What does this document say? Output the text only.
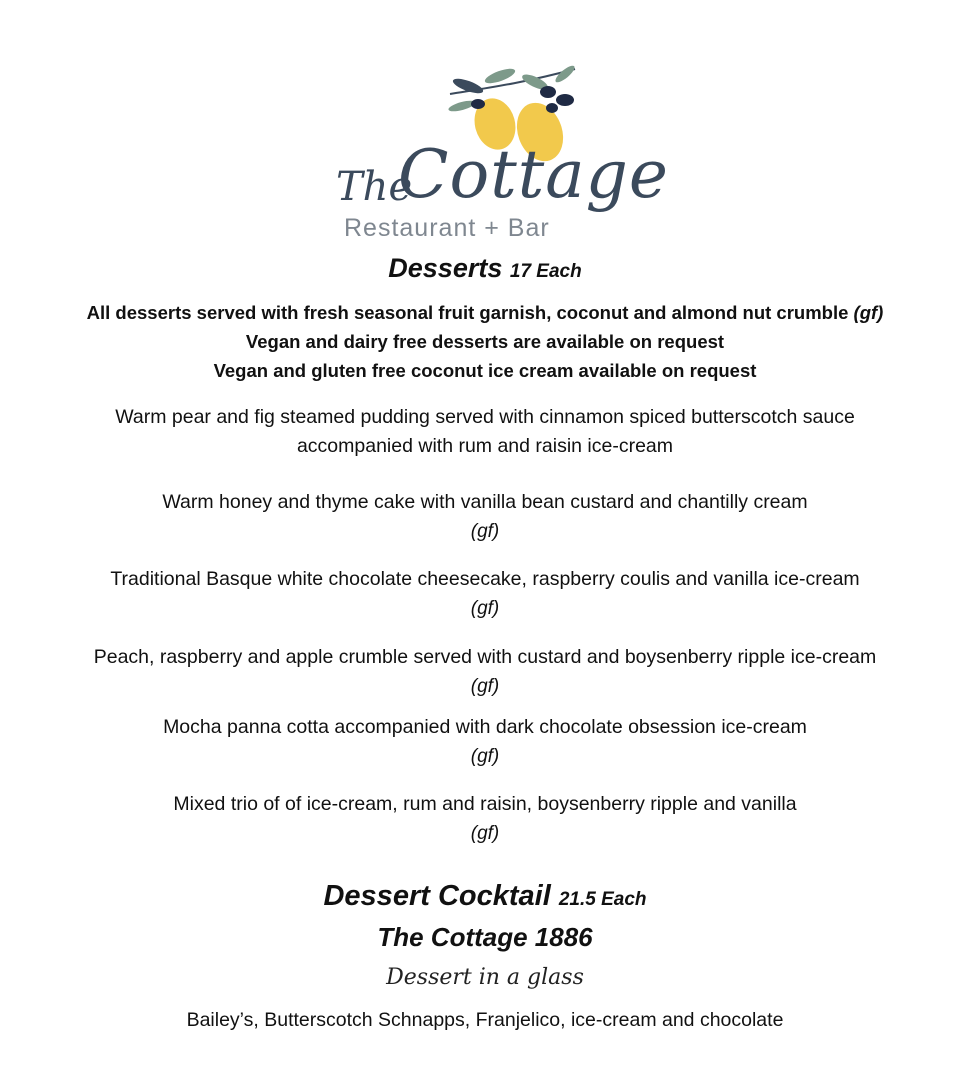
The
Cottage
Restaurant + Bar
Desserts 17 Each
All desserts served with fresh seasonal fruit garnish, coconut and almond nut crumble (gf)
Vegan and dairy free desserts are available on request
Vegan and gluten free coconut ice cream available on request
Warm pear and fig steamed pudding served with cinnamon spiced butterscotch sauce
accompanied with rum and raisin ice-cream
Warm honey and thyme cake with vanilla bean custard and chantilly cream
(gf)
Traditional Basque white chocolate cheesecake, raspberry coulis and vanilla ice-cream
(gf)
Peach, raspberry and apple crumble served with custard and boysenberry ripple ice-cream
(gf)
Mocha panna cotta accompanied with dark chocolate obsession ice-cream
(gf)
Mixed trio of of ice-cream, rum and raisin, boysenberry ripple and vanilla
(gf)
Dessert Cocktail 21.5 Each
The Cottage 1886
Dessert in a glass
Bailey’s, Butterscotch Schnapps, Franjelico, ice-cream and chocolate
